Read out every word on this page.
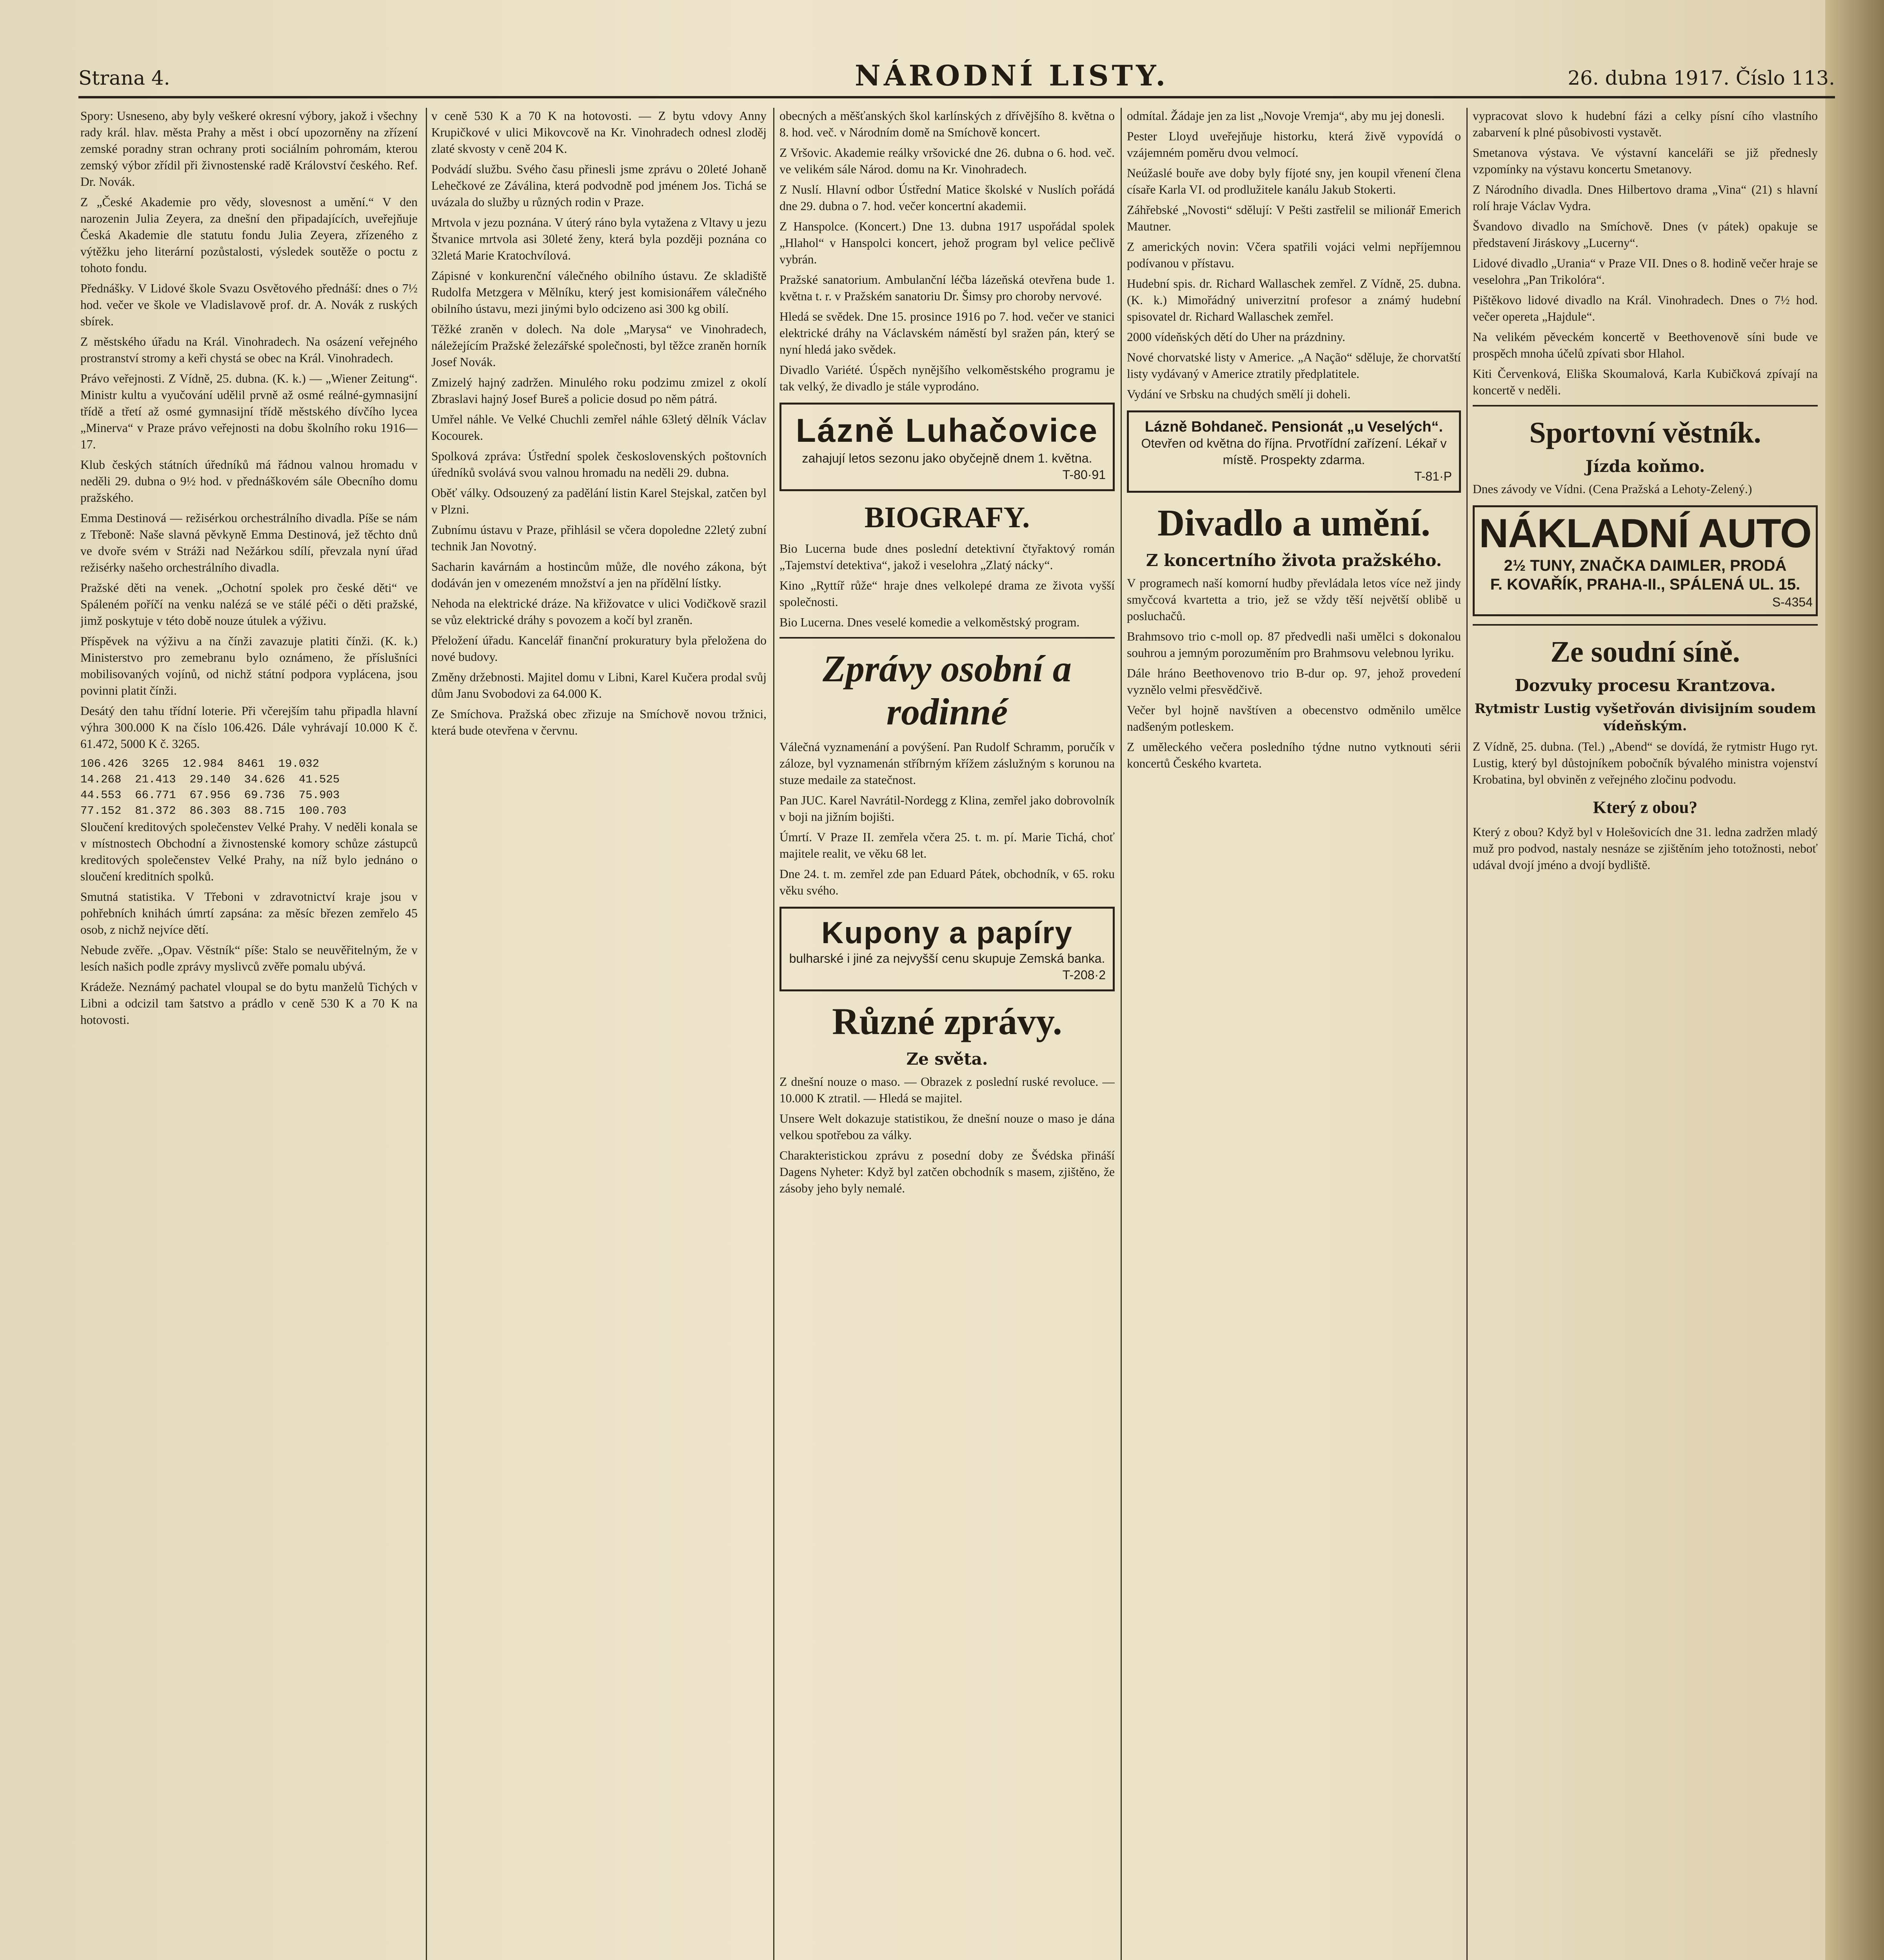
Strana 4.	NÁRODNÍ LISTY.	26. dubna 1917. Číslo 113.

Spory: Usneseno, aby byly veškeré okresní výbory, jakož i všechny rady král. hlav. města Prahy a měst i obcí upozorněny na zřízení zemské poradny stran ochrany proti sociálním pohromám, kterou zemský výbor zřídil při živnostenské radě Království českého. Ref. Dr. Novák.

Z „České Akademie pro vědy, slovesnost a umění.“ V den narozenin Julia Zeyera, za dnešní den připadajících, uveřejňuje Česká Akademie dle statutu fondu Julia Zeyera, zřízeného z výtěžku jeho literární pozůstalosti, výsledek soutěže o poctu z tohoto fondu.

Přednášky. V Lidové škole Svazu Osvětového přednáší: dnes o 7½ hod. večer ve škole ve Vladislavově prof. dr. A. Novák z ruských sbírek.

Z městského úřadu na Král. Vinohradech. Na osázení veřejného prostranství stromy a keři chystá se obec na Král. Vinohradech.

Právo veřejnosti. Z Vídně, 25. dubna. (K. k.) — „Wiener Zeitung“. Ministr kultu a vyučování udělil prvně až osmé reálné-gymnasijní třídě a třetí až osmé gymnasijní třídě městského dívčího lycea „Minerva“ v Praze právo veřejnosti na dobu školního roku 1916—17.

Klub českých státních úředníků má řádnou valnou hromadu v neděli 29. dubna o 9½ hod. v přednáškovém sále Obecního domu pražského.

Emma Destinová — režisérkou orchestrálního divadla. Píše se nám z Třeboně: Naše slavná pěvkyně Emma Destinová, jež těchto dnů ve dvoře svém v Stráži nad Nežárkou sdílí, převzala nyní úřad režisérky našeho orchestrálního divadla.

Pražské děti na venek. „Ochotní spolek pro české děti“ ve Spáleném poříčí na venku nalézá se ve stálé péči o děti pražské, jimž poskytuje v této době nouze útulek a výživu.

Příspěvek na výživu a na čínži zavazuje platiti čínži. (K. k.) Ministerstvo pro zemebranu bylo oznámeno, že příslušníci mobilisovaných vojínů, od nichž státní podpora vyplácena, jsou povinni platit čínži.

Desátý den tahu třídní loterie. Při včerejším tahu připadla hlavní výhra 300.000 K na číslo 106.426. Dále vyhrávají 10.000 K č. 61.472, 5000 K č. 3265.

106.426  3265  12.984  8461  19.032
14.268  21.413  29.140  34.626  41.525
44.553  66.771  67.956  69.736  75.903
77.152  81.372  86.303  88.715  100.703

Sloučení kreditových společenstev Velké Prahy. V neděli konala se v místnostech Obchodní a živnostenské komory schůze zástupců kreditových společenstev Velké Prahy, na níž bylo jednáno o sloučení kreditních spolků.

Smutná statistika. V Třeboni v zdravotnictví kraje jsou v pohřebních knihách úmrtí zapsána: za měsíc březen zemřelo 45 osob, z nichž nejvíce dětí.

Nebude zvěře. „Opav. Věstník“ píše: Stalo se neuvěřitelným, že v lesích našich podle zprávy myslivců zvěře pomalu ubývá.

Krádeže. Neznámý pachatel vloupal se do bytu manželů Tichých v Libni a odcizil tam šatstvo a prádlo v ceně 530 K a 70 K na hotovosti.

v ceně 530 K a 70 K na hotovosti. — Z bytu vdovy Anny Krupičkové v ulici Mikovcově na Kr. Vinohradech odnesl zloděj zlaté skvosty v ceně 204 K.

Podvádí službu. Svého času přinesli jsme zprávu o 20leté Johaně Lehečkové ze Záválina, která podvodně pod jménem Jos. Tichá se uvázala do služby u různých rodin v Praze.

Mrtvola v jezu poznána. V úterý ráno byla vytažena z Vltavy u jezu Štvanice mrtvola asi 30leté ženy, která byla později poznána co 32letá Marie Kratochvílová.

Zápisné v konkurenční válečného obilního ústavu. Ze skladiště Rudolfa Metzgera v Mělníku, který jest komisionářem válečného obilního ústavu, mezi jinými bylo odcizeno asi 300 kg obilí.

Těžké zraněn v dolech. Na dole „Marysa“ ve Vinohradech, náležejícím Pražské železářské společnosti, byl těžce zraněn horník Josef Novák.

Zmizelý hajný zadržen. Minulého roku podzimu zmizel z okolí Zbraslavi hajný Josef Bureš a policie dosud po něm pátrá.

Umřel náhle. Ve Velké Chuchli zemřel náhle 63letý dělník Václav Kocourek.

Spolková zpráva: Ústřední spolek československých poštovních úředníků svolává svou valnou hromadu na neděli 29. dubna.

Oběť války. Odsouzený za padělání listin Karel Stejskal, zatčen byl v Plzni.

Zubnímu ústavu v Praze, přihlásil se včera dopoledne 22letý zubní technik Jan Novotný.

Sacharin kavárnám a hostincům může, dle nového zákona, být dodáván jen v omezeném množství a jen na přídělní lístky.

Nehoda na elektrické dráze. Na křižovatce v ulici Vodičkově srazil se vůz elektrické dráhy s povozem a kočí byl zraněn.

Přeložení úřadu. Kancelář finanční prokuratury byla přeložena do nové budovy.

Změny držebnosti. Majitel domu v Libni, Karel Kučera prodal svůj dům Janu Svobodovi za 64.000 K.

Ze Smíchova. Pražská obec zřizuje na Smíchově novou tržnici, která bude otevřena v červnu.

obecných a měšťanských škol karlínských z dřívějšího 8. května o 8. hod. več. v Národním domě na Smíchově koncert.

Z Vršovic. Akademie reálky vršovické dne 26. dubna o 6. hod. več. ve velikém sále Národ. domu na Kr. Vinohradech.

Z Nuslí. Hlavní odbor Ústřední Matice školské v Nuslích pořádá dne 29. dubna o 7. hod. večer koncertní akademii.

Z Hanspolce. (Koncert.) Dne 13. dubna 1917 uspořádal spolek „Hlahol“ v Hanspolci koncert, jehož program byl velice pečlivě vybrán.

Pražské sanatorium. Ambulanční léčba lázeňská otevřena bude 1. května t. r. v Pražském sanatoriu Dr. Šimsy pro choroby nervové.

Hledá se svědek. Dne 15. prosince 1916 po 7. hod. večer ve stanici elektrické dráhy na Václavském náměstí byl sražen pán, který se nyní hledá jako svědek.

Divadlo Variété. Úspěch nynějšího velkoměstského programu je tak velký, že divadlo je stále vyprodáno.

Lázně Luhačovice
zahajují letos sezonu jako obyčejně dnem 1. května.
T-80·91
BIOGRAFY.

Bio Lucerna bude dnes poslední detektivní čtyřaktový román „Tajemství detektiva“, jakož i veselohra „Zlatý nácky“.

Kino „Ryttíř růže“ hraje dnes velkolepé drama ze života vyšší společnosti.

Bio Lucerna. Dnes veselé komedie a velkoměstský program.

Zprávy osobní a rodinné

Válečná vyznamenání a povýšení. Pan Rudolf Schramm, poručík v záloze, byl vyznamenán stříbrným křížem záslužným s korunou na stuze medaile za statečnost.

Pan JUC. Karel Navrátil-Nordegg z Klina, zemřel jako dobrovolník v boji na jižním bojišti.

Úmrtí. V Praze II. zemřela včera 25. t. m. pí. Marie Tichá, choť majitele realit, ve věku 68 let.

Dne 24. t. m. zemřel zde pan Eduard Pátek, obchodník, v 65. roku věku svého.

Kupony a papíry
bulharské i jiné za nejvyšší cenu skupuje Zemská banka.
T-208·2
Různé zprávy.
Ze světa.

Z dnešní nouze o maso. — Obrazek z poslední ruské revoluce. — 10.000 K ztratil. — Hledá se majitel.

Unsere Welt dokazuje statistikou, že dnešní nouze o maso je dána velkou spotřebou za války.

Charakteristickou zprávu z posední doby ze Švédska přináší Dagens Nyheter: Když byl zatčen obchodník s masem, zjištěno, že zásoby jeho byly nemalé.

odmítal. Žádaje jen za list „Novoje Vremja“, aby mu jej donesli.

Pester Lloyd uveřejňuje historku, která živě vypovídá o vzájemném poměru dvou velmocí.

Neúžaslé bouře ave doby byly fíjoté sny, jen koupil vřenení člena císaře Karla VI. od prodlužitele kanálu Jakub Stokerti.

Záhřebské „Novosti“ sdělují: V Pešti zastřelil se milionář Emerich Mautner.

Z amerických novin: Včera spatřili vojáci velmi nepříjemnou podívanou v přístavu.

Hudební spis. dr. Richard Wallaschek zemřel. Z Vídně, 25. dubna. (K. k.) Mimořádný univerzitní profesor a známý hudební spisovatel dr. Richard Wallaschek zemřel.

2000 vídeňských dětí do Uher na prázdniny.

Nové chorvatské listy v Americe. „A Nação“ sděluje, že chorvatští listy vydávaný v Americe ztratily předplatitele.

Vydání ve Srbsku na chudých smělí ji doheli.

Lázně Bohdaneč. Pensionát „u Veselých“.
Otevřen od května do října. Prvotřídní zařízení. Lékař v místě. Prospekty zdarma.
T-81·P
Divadlo a umění.
Z koncertního života pražského.

V programech naší komorní hudby převládala letos více než jindy smyčcová kvartetta a trio, jež se vždy těší největší oblibě u posluchačů.

Brahmsovo trio c-moll op. 87 předvedli naši umělci s dokonalou souhrou a jemným porozuměním pro Brahmsovu velebnou lyriku.

Dále hráno Beethovenovo trio B-dur op. 97, jehož provedení vyznělo velmi přesvědčivě.

Večer byl hojně navštíven a obecenstvo odměnilo umělce nadšeným potleskem.

Z uměleckého večera posledního týdne nutno vytknouti sérii koncertů Českého kvarteta.

vypracovat slovo k hudební fázi a celky písní cího vlastního zabarvení k plné působivosti vystavět.

Smetanova výstava. Ve výstavní kanceláři se již přednesly vzpomínky na výstavu koncertu Smetanovy.

Z Národního divadla. Dnes Hilbertovo drama „Vina“ (21) s hlavní rolí hraje Václav Vydra.

Švandovo divadlo na Smíchově. Dnes (v pátek) opakuje se představení Jiráskovy „Lucerny“.

Lidové divadlo „Urania“ v Praze VII. Dnes o 8. hodině večer hraje se veselohra „Pan Trikolóra“.

Pištěkovo lidové divadlo na Král. Vinohradech. Dnes o 7½ hod. večer opereta „Hajdule“.

Na velikém pěveckém koncertě v Beethovenově síni bude ve prospěch mnoha účelů zpívati sbor Hlahol.

Kiti Červenková, Eliška Skoumalová, Karla Kubičková zpívají na koncertě v neděli.

Sportovní věstník.
Jízda koňmo.

Dnes závody ve Vídni. (Cena Pražská a Lehoty-Zelený.)

NÁKLADNÍ AUTO
2½ TUNY, ZNAČKA DAIMLER, PRODÁ
F. KOVAŘÍK, PRAHA-II., SPÁLENÁ UL. 15.
S-4354
Ze soudní síně.
Dozvuky procesu Krantzova.
Rytmistr Lustig vyšetřován divisijním soudem vídeňským.

Z Vídně, 25. dubna. (Tel.) „Abend“ se dovídá, že rytmistr Hugo ryt. Lustig, který byl důstojníkem pobočník bývalého ministra vojenství Krobatina, byl obviněn z veřejného zločinu podvodu.

Který z obou?

Který z obou? Když byl v Holešovicích dne 31. ledna zadržen mladý muž pro podvod, nastaly nesnáze se zjištěním jeho totožnosti, neboť udával dvojí jméno a dvojí bydliště.
